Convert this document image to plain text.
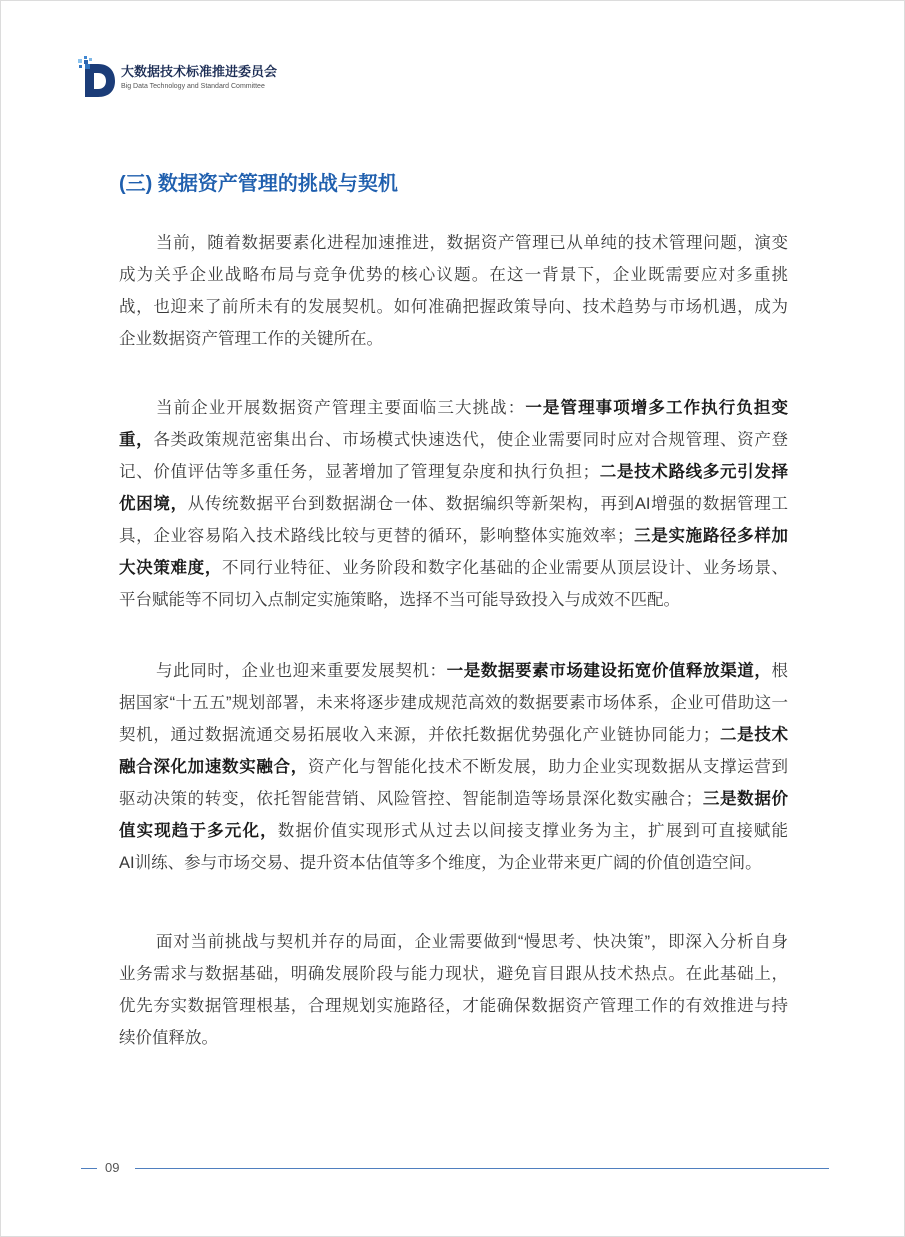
大数据技术标准推进委员会
Big Data Technology and Standard Committee
(三) 数据资产管理的挑战与契机
当前，随着数据要素化进程加速推进，数据资产管理已从单纯的技术管理问题，演变
成为关乎企业战略布局与竞争优势的核心议题。在这一背景下，企业既需要应对多重挑
战，也迎来了前所未有的发展契机。如何准确把握政策导向、技术趋势与市场机遇，成为
企业数据资产管理工作的关键所在。
当前企业开展数据资产管理主要面临三大挑战：一是管理事项增多工作执行负担变
重，各类政策规范密集出台、市场模式快速迭代，使企业需要同时应对合规管理、资产登
记、价值评估等多重任务，显著增加了管理复杂度和执行负担；二是技术路线多元引发择
优困境，从传统数据平台到数据湖仓一体、数据编织等新架构，再到AI增强的数据管理工
具，企业容易陷入技术路线比较与更替的循环，影响整体实施效率；三是实施路径多样加
大决策难度，不同行业特征、业务阶段和数字化基础的企业需要从顶层设计、业务场景、
平台赋能等不同切入点制定实施策略，选择不当可能导致投入与成效不匹配。
与此同时，企业也迎来重要发展契机：一是数据要素市场建设拓宽价值释放渠道，根
据国家“十五五”规划部署，未来将逐步建成规范高效的数据要素市场体系，企业可借助这一
契机，通过数据流通交易拓展收入来源，并依托数据优势强化产业链协同能力；二是技术
融合深化加速数实融合，资产化与智能化技术不断发展，助力企业实现数据从支撑运营到
驱动决策的转变，依托智能营销、风险管控、智能制造等场景深化数实融合；三是数据价
值实现趋于多元化，数据价值实现形式从过去以间接支撑业务为主，扩展到可直接赋能
AI训练、参与市场交易、提升资本估值等多个维度，为企业带来更广阔的价值创造空间。
面对当前挑战与契机并存的局面，企业需要做到“慢思考、快决策”，即深入分析自身
业务需求与数据基础，明确发展阶段与能力现状，避免盲目跟从技术热点。在此基础上，
优先夯实数据管理根基，合理规划实施路径，才能确保数据资产管理工作的有效推进与持
续价值释放。
09
